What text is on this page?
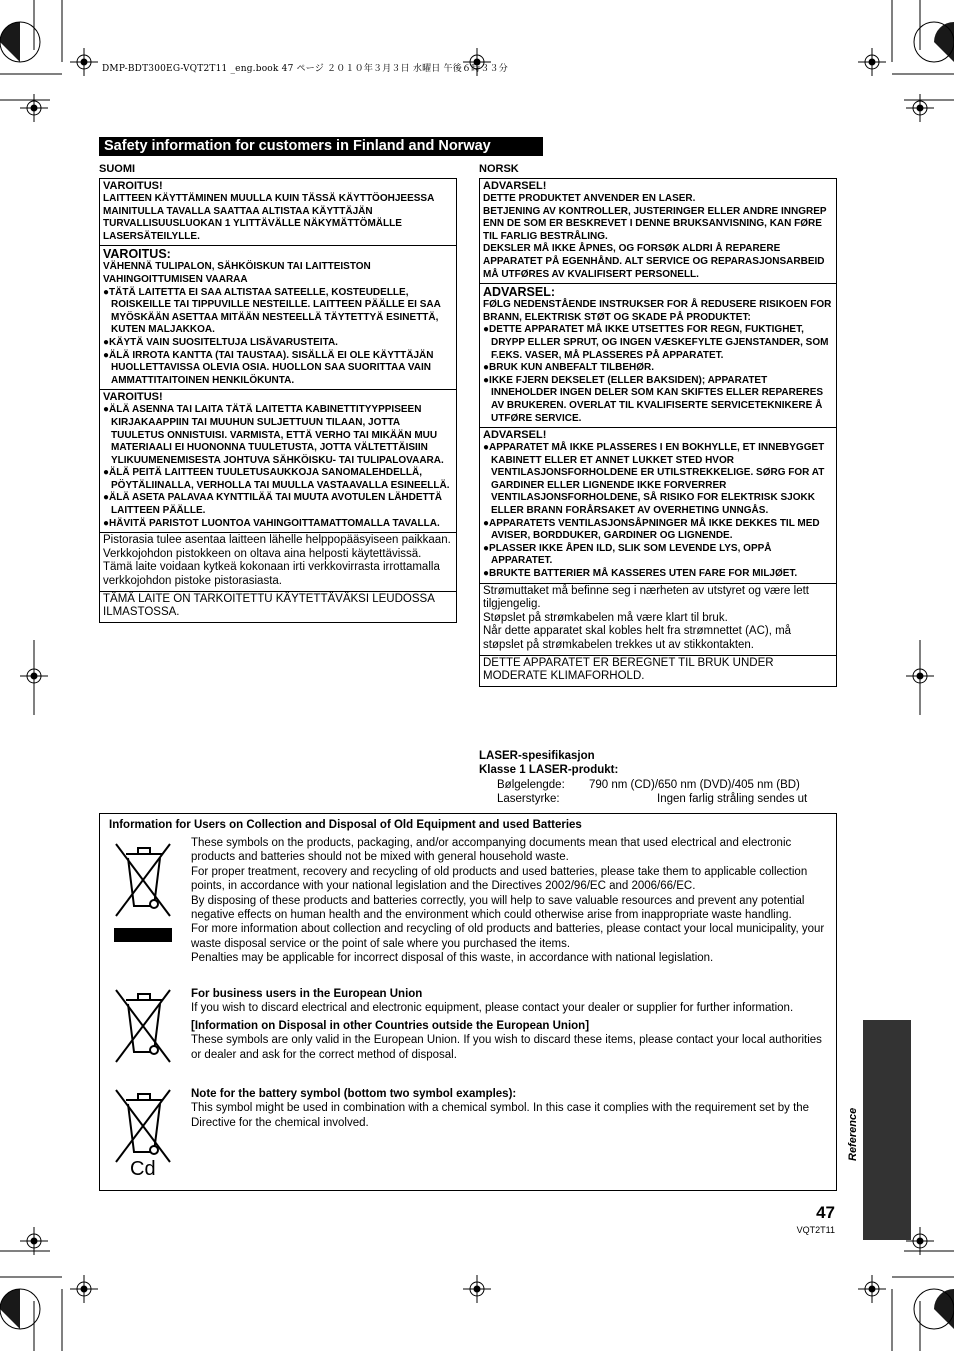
DMP-BDT300EG-VQT2T11 _eng.book 47 ページ ２０１０年３月３日 水曜日 午後６時３３分
Safety information for customers in Finland and Norway
SUOMI
VAROITUS!
LAITTEEN KÄYTTÄMINEN MUULLA KUIN TÄSSÄ KÄYTTÖOHJEESSA MAINITULLA TAVALLA SAATTAA ALTISTAA KÄYTTÄJÄN TURVALLISUUSLUOKAN 1 YLITTÄVÄLLE NÄKYMÄTTÖMÄLLE LASERSÄTEILYLLE.
VAROITUS:
VÄHENNÄ TULIPALON, SÄHKÖISKUN TAI LAITTEISTON VAHINGOITTUMISEN VAARAA
●TÄTÄ LAITETTA EI SAA ALTISTAA SATEELLE, KOSTEUDELLE, ROISKEILLE TAI TIPPUVILLE NESTEILLE. LAITTEEN PÄÄLLE EI SAA MYÖSKÄÄN ASETTAA MITÄÄN NESTEELLÄ TÄYTETTYÄ ESINETTÄ, KUTEN MALJAKKOA.
●KÄYTÄ VAIN SUOSITELTUJA LISÄVARUSTEITA.
●ÄLÄ IRROTA KANTTA (TAI TAUSTAA). SISÄLLÄ EI OLE KÄYTTÄJÄN HUOLLETTAVISSA OLEVIA OSIA. HUOLLON SAA SUORITTAA VAIN AMMATTITAITOINEN HENKILÖKUNTA.
VAROITUS!
●ÄLÄ ASENNA TAI LAITA TÄTÄ LAITETTA KABINETTITYYPPISEEN KIRJAKAAPPIIN TAI MUUHUN SULJETTUUN TILAAN, JOTTA TUULETUS ONNISTUISI. VARMISTA, ETTÄ VERHO TAI MIKÄÄN MUU MATERIAALI EI HUONONNA TUULETUSTA, JOTTA VÄLTETTÄISIIN YLIKUUMENEMISESTA JOHTUVA SÄHKÖISKU- TAI TULIPALOVAARA.
●ÄLÄ PEITÄ LAITTEEN TUULETUSAUKKOJA SANOMALEHDELLÄ, PÖYTÄLIINALLA, VERHOLLA TAI MUULLA VASTAAVALLA ESINEELLÄ.
●ÄLÄ ASETA PALAVAA KYNTTILÄÄ TAI MUUTA AVOTULEN LÄHDETTÄ LAITTEEN PÄÄLLE.
●HÄVITÄ PARISTOT LUONTOA VAHINGOITTAMATTOMALLA TAVALLA.
Pistorasia tulee asentaa laitteen lähelle helppopääsyiseen paikkaan.
Verkkojohdon pistokkeen on oltava aina helposti käytettävissä.
Tämä laite voidaan kytkeä kokonaan irti verkkovirrasta irrottamalla verkkojohdon pistoke pistorasiasta.
TÄMÄ LAITE ON TARKOITETTU KÄYTETTÄVÄKSI LEUDOSSA ILMASTOSSA.
NORSK
ADVARSEL!
DETTE PRODUKTET ANVENDER EN LASER.
BETJENING AV KONTROLLER, JUSTERINGER ELLER ANDRE INNGREP ENN DE SOM ER BESKREVET I DENNE BRUKSANVISNING, KAN FØRE TIL FARLIG BESTRÅLING.
DEKSLER MÅ IKKE ÅPNES, OG FORSØK ALDRI Å REPARERE APPARATET PÅ EGENHÅND. ALT SERVICE OG REPARASJONSARBEID MÅ UTFØRES AV KVALIFISERT PERSONELL.
ADVARSEL:
FØLG NEDENSTÅENDE INSTRUKSER FOR Å REDUSERE RISIKOEN FOR BRANN, ELEKTRISK STØT OG SKADE PÅ PRODUKTET:
●DETTE APPARATET MÅ IKKE UTSETTES FOR REGN, FUKTIGHET, DRYPP ELLER SPRUT, OG INGEN VÆSKEFYLTE GJENSTANDER, SOM F.EKS. VASER, MÅ PLASSERES PÅ APPARATET.
●BRUK KUN ANBEFALT TILBEHØR.
●IKKE FJERN DEKSELET (ELLER BAKSIDEN); APPARATET INNEHOLDER INGEN DELER SOM KAN SKIFTES ELLER REPARERES AV BRUKEREN. OVERLAT TIL KVALIFISERTE SERVICETEKNIKERE Å UTFØRE SERVICE.
ADVARSEL!
●APPARATET MÅ IKKE PLASSERES I EN BOKHYLLE, ET INNEBYGGET KABINETT ELLER ET ANNET LUKKET STED HVOR VENTILASJONSFORHOLDENE ER UTILSTREKKELIGE. SØRG FOR AT GARDINER ELLER LIGNENDE IKKE FORVERRER VENTILASJONSFORHOLDENE, SÅ RISIKO FOR ELEKTRISK SJOKK ELLER BRANN FORÅRSAKET AV OVERHETING UNNGÅS.
●APPARATETS VENTILASJONSÅPNINGER MÅ IKKE DEKKES TIL MED AVISER, BORDDUKER, GARDINER OG LIGNENDE.
●PLASSER IKKE ÅPEN ILD, SLIK SOM LEVENDE LYS, OPPÅ APPARATET.
●BRUKTE BATTERIER MÅ KASSERES UTEN FARE FOR MILJØET.
Strømuttaket må befinne seg i nærheten av utstyret og være lett tilgjengelig.
Støpslet på strømkabelen må være klart til bruk.
Når dette apparatet skal kobles helt fra strømnettet (AC), må støpslet på strømkabelen trekkes ut av stikkontakten.
DETTE APPARATET ER BEREGNET TIL BRUK UNDER MODERATE KLIMAFORHOLD.
LASER-spesifikasjon
Klasse 1 LASER-produkt:
Bølgelengde:	790 nm (CD)/650 nm (DVD)/405 nm (BD)
Laserstyrke:	Ingen farlig stråling sendes ut
Information for Users on Collection and Disposal of Old Equipment and used Batteries
Cd
These symbols on the products, packaging, and/or accompanying documents mean that used electrical and electronic products and batteries should not be mixed with general household waste.
For proper treatment, recovery and recycling of old products and used batteries, please take them to applicable collection points, in accordance with your national legislation and the Directives 2002/96/EC and 2006/66/EC.
By disposing of these products and batteries correctly, you will help to save valuable resources and prevent any potential negative effects on human health and the environment which could otherwise arise from inappropriate waste handling.
For more information about collection and recycling of old products and batteries, please contact your local municipality, your waste disposal service or the point of sale where you purchased the items.
Penalties may be applicable for incorrect disposal of this waste, in accordance with national legislation.
For business users in the European Union
If you wish to discard electrical and electronic equipment, please contact your dealer or supplier for further information.
[Information on Disposal in other Countries outside the European Union]
These symbols are only valid in the European Union. If you wish to discard these items, please contact your local authorities or dealer and ask for the correct method of disposal.
Note for the battery symbol (bottom two symbol examples):
This symbol might be used in combination with a chemical symbol. In this case it complies with the requirement set by the Directive for the chemical involved.	Reference
47
VQT2T11
